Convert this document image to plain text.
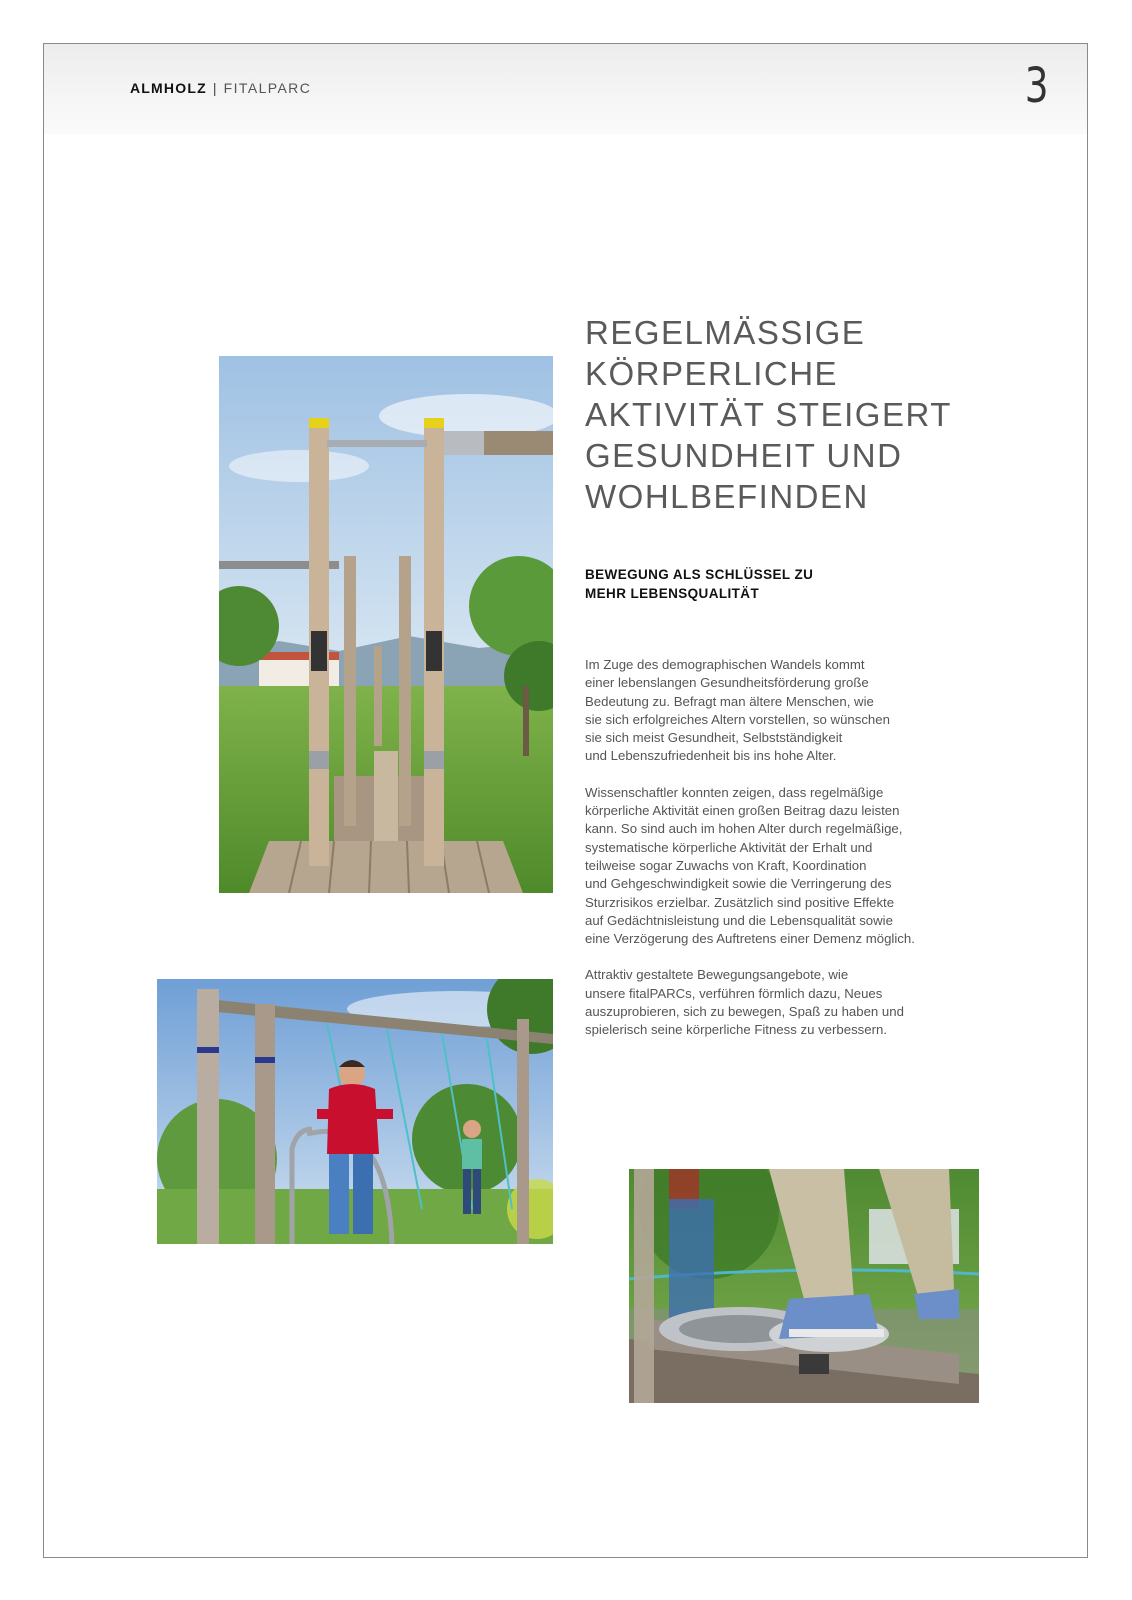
ALMHOLZ | FITALPARC	3
REGELMÄSSIGE
KÖRPERLICHE
AKTIVITÄT STEIGERT
GESUNDHEIT UND
WOHLBEFINDEN
BEWEGUNG ALS SCHLÜSSEL ZU
MEHR LEBENSQUALITÄT

Im Zuge des demographischen Wandels kommt
einer lebenslangen Gesundheitsförderung große
Bedeutung zu. Befragt man ältere Menschen, wie
sie sich erfolgreiches Altern vorstellen, so wünschen
sie sich meist Gesundheit, Selbstständigkeit
und Lebenszufriedenheit bis ins hohe Alter.

Wissenschaftler konnten zeigen, dass regelmäßige
körperliche Aktivität einen großen Beitrag dazu leisten
kann. So sind auch im hohen Alter durch regelmäßige,
systematische körperliche Aktivität der Erhalt und
teilweise sogar Zuwachs von Kraft, Koordination
und Gehgeschwindigkeit sowie die Verringerung des
Sturzrisikos erzielbar. Zusätzlich sind positive Effekte
auf Gedächtnisleistung und die Lebensqualität sowie
eine Verzögerung des Auftretens einer Demenz möglich.

Attraktiv gestaltete Bewegungsangebote, wie
unsere fitalPARCs, verführen förmlich dazu, Neues
auszuprobieren, sich zu bewegen, Spaß zu haben und
spielerisch seine körperliche Fitness zu verbessern.
